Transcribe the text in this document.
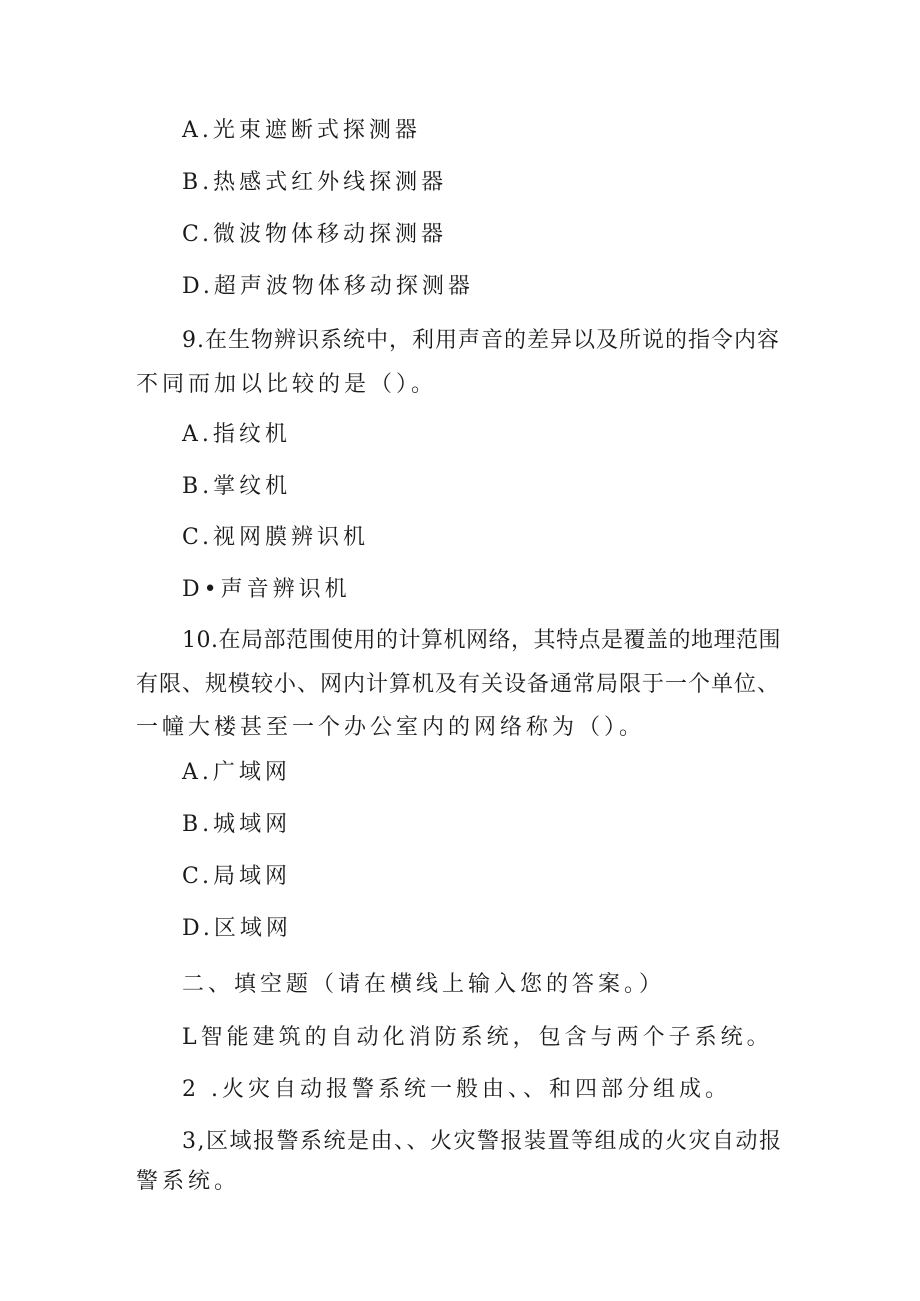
A.光束遮断式探测器
B.热感式红外线探测器
C.微波物体移动探测器
D.超声波物体移动探测器
9.在生物辨识系统中，利用声音的差异以及所说的指令内容
不同而加以比较的是（）。
A.指纹机
B.掌纹机
C.视网膜辨识机
D•声音辨识机
10.在局部范围使用的计算机网络，其特点是覆盖的地理范围
有限、规模较小、网内计算机及有关设备通常局限于一个单位、
一幢大楼甚至一个办公室内的网络称为（）。
A.广域网
B.城域网
C.局域网
D.区域网
二、填空题（请在横线上输入您的答案。）
L智能建筑的自动化消防系统，包含与两个子系统。
2 .火灾自动报警系统一般由、、和四部分组成。
3,区域报警系统是由、、火灾警报装置等组成的火灾自动报
警系统。
